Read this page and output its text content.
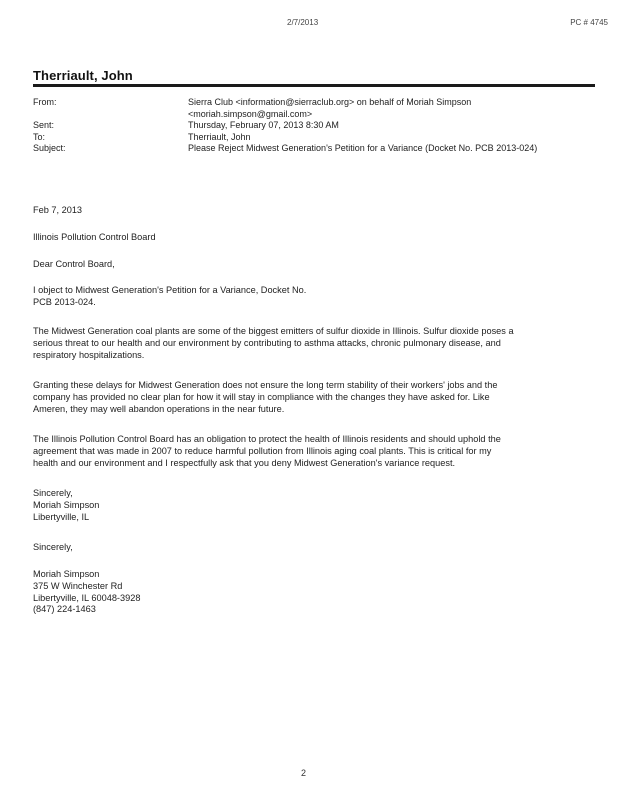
2/7/2013	PC # 4745
Therriault, John
From:	Sierra Club <information@sierraclub.org> on behalf of Moriah Simpson
<moriah.simpson@gmail.com>
Sent:	Thursday, February 07, 2013 8:30 AM
To:	Therriault, John
Subject:	Please Reject Midwest Generation's Petition for a Variance (Docket No. PCB 2013-024)
Feb 7, 2013
Illinois Pollution Control Board
Dear Control Board,
I object to Midwest Generation's Petition for a Variance, Docket No.
PCB 2013-024.
The Midwest Generation coal plants are some of the biggest emitters of sulfur dioxide in Illinois. Sulfur dioxide poses a
serious threat to our health and our environment by contributing to asthma attacks, chronic pulmonary disease, and
respiratory hospitalizations.
Granting these delays for Midwest Generation does not ensure the long term stability of their workers' jobs and the
company has provided no clear plan for how it will stay in compliance with the changes they have asked for. Like
Ameren, they may well abandon operations in the near future.
The Illinois Pollution Control Board has an obligation to protect the health of Illinois residents and should uphold the
agreement that was made in 2007 to reduce harmful pollution from Illinois aging coal plants. This is critical for my
health and our environment and I respectfully ask that you deny Midwest Generation's variance request.
Sincerely,
Moriah Simpson
Libertyville, IL
Sincerely,
Moriah Simpson
375 W Winchester Rd
Libertyville, IL 60048-3928
(847) 224-1463
2
